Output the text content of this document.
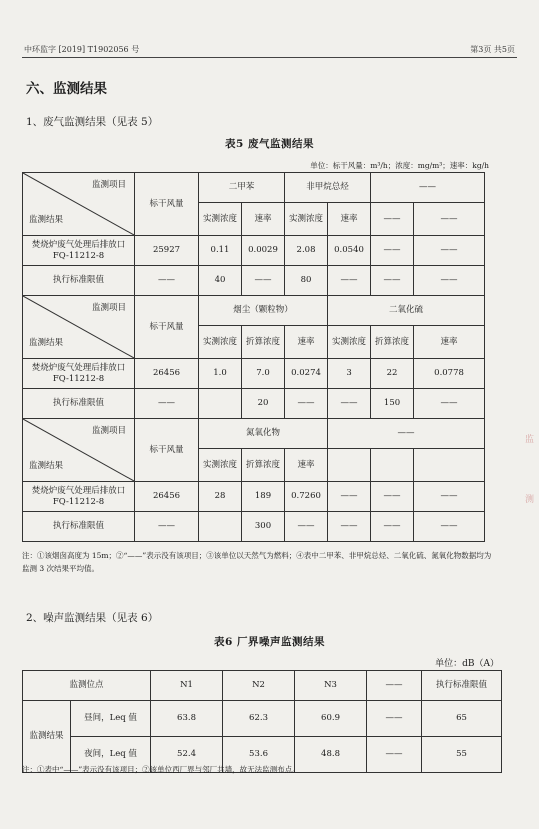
中环监字 [2019] T1902056 号	第3页 共5页
六、监测结果
1、废气监测结果（见表 5）
表5 废气监测结果
单位：标干风量：m³/h；浓度：mg/m³；速率：kg/h
监测项目
监测结果	标干风量	二甲苯		非甲烷总烃		——	
		实测浓度	速率	实测浓度	速率	——	——
焚烧炉废气处理后排放口 FQ-11212-8	25927	0.11	0.0029	2.08	0.0540	——	——
执行标准限值	——	40	——	80	——	——	——

监测项目
监测结果	标干风量	烟尘（颗粒物）			二氧化硫		
		实测浓度	折算浓度	速率	实测浓度	折算浓度	速率
焚烧炉废气处理后排放口 FQ-11212-8	26456	1.0	7.0	0.0274	3	22	0.0778
执行标准限值	——		20	——	——	150	——

监测项目
监测结果	标干风量	氮氧化物			——		
		实测浓度	折算浓度	速率			
焚烧炉废气处理后排放口 FQ-11212-8	26456	28	189	0.7260	——	——	——
执行标准限值	——		300	——	——	——	——
注：①该烟囱高度为 15m；②“——”表示没有该项目；③该单位以天然气为燃料；④表中二甲苯、非甲烷总烃、二氧化硫、氮氧化物数据均为监测 3 次结果平均值。
2、噪声监测结果（见表 6）
表6 厂界噪声监测结果
单位：dB（A）
监测位点		N1	N2	N3	——	执行标准限值
监测结果	昼间，Leq 值	63.8	62.3	60.9	——	65
	夜间，Leq 值	52.4	53.6	48.8	——	55
注：①表中“——”表示没有该项目；②该单位西厂界与邻厂共墙，故无法监测布点。
监
测
